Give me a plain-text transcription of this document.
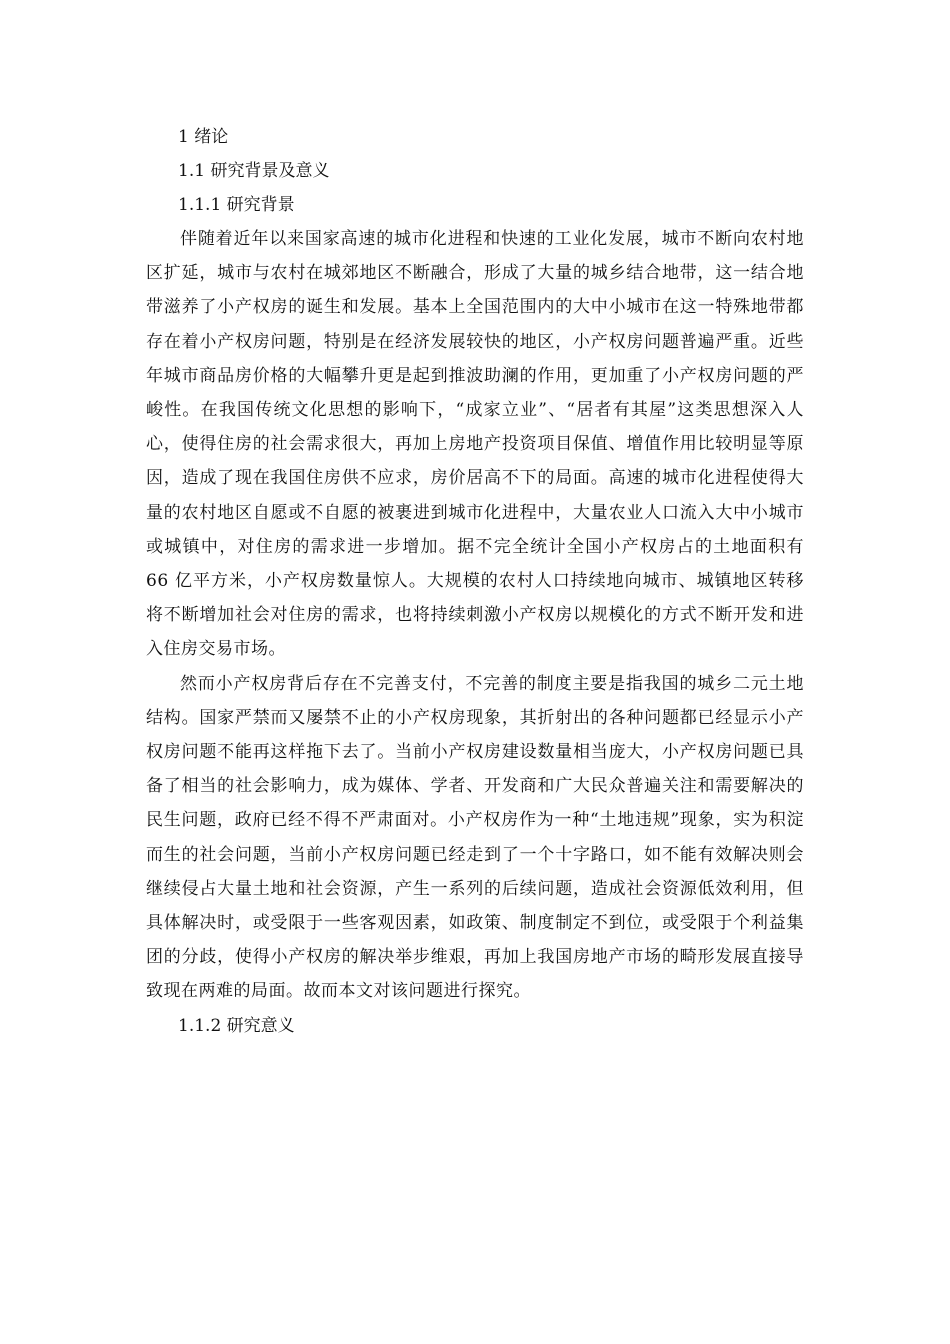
1 绪论

1.1 研究背景及意义

1.1.1 研究背景

伴随着近年以来国家高速的城市化进程和快速的工业化发展，城市不断向农村地区扩延，城市与农村在城郊地区不断融合，形成了大量的城乡结合地带，这一结合地带滋养了小产权房的诞生和发展。基本上全国范围内的大中小城市在这一特殊地带都存在着小产权房问题，特别是在经济发展较快的地区，小产权房问题普遍严重。近些年城市商品房价格的大幅攀升更是起到推波助澜的作用，更加重了小产权房问题的严峻性。在我国传统文化思想的影响下，“成家立业”、“居者有其屋”这类思想深入人心，使得住房的社会需求很大，再加上房地产投资项目保值、增值作用比较明显等原因，造成了现在我国住房供不应求，房价居高不下的局面。高速的城市化进程使得大量的农村地区自愿或不自愿的被裹进到城市化进程中，大量农业人口流入大中小城市或城镇中，对住房的需求进一步增加。据不完全统计全国小产权房占的土地面积有 66 亿平方米，小产权房数量惊人。大规模的农村人口持续地向城市、城镇地区转移将不断增加社会对住房的需求，也将持续刺激小产权房以规模化的方式不断开发和进入住房交易市场。

然而小产权房背后存在不完善支付，不完善的制度主要是指我国的城乡二元土地结构。国家严禁而又屡禁不止的小产权房现象，其折射出的各种问题都已经显示小产权房问题不能再这样拖下去了。当前小产权房建设数量相当庞大，小产权房问题已具备了相当的社会影响力，成为媒体、学者、开发商和广大民众普遍关注和需要解决的民生问题，政府已经不得不严肃面对。小产权房作为一种“土地违规”现象，实为积淀而生的社会问题，当前小产权房问题已经走到了一个十字路口，如不能有效解决则会继续侵占大量土地和社会资源，产生一系列的后续问题，造成社会资源低效利用，但具体解决时，或受限于一些客观因素，如政策、制度制定不到位，或受限于个利益集团的分歧，使得小产权房的解决举步维艰，再加上我国房地产市场的畸形发展直接导致现在两难的局面。故而本文对该问题进行探究。

1.1.2 研究意义
